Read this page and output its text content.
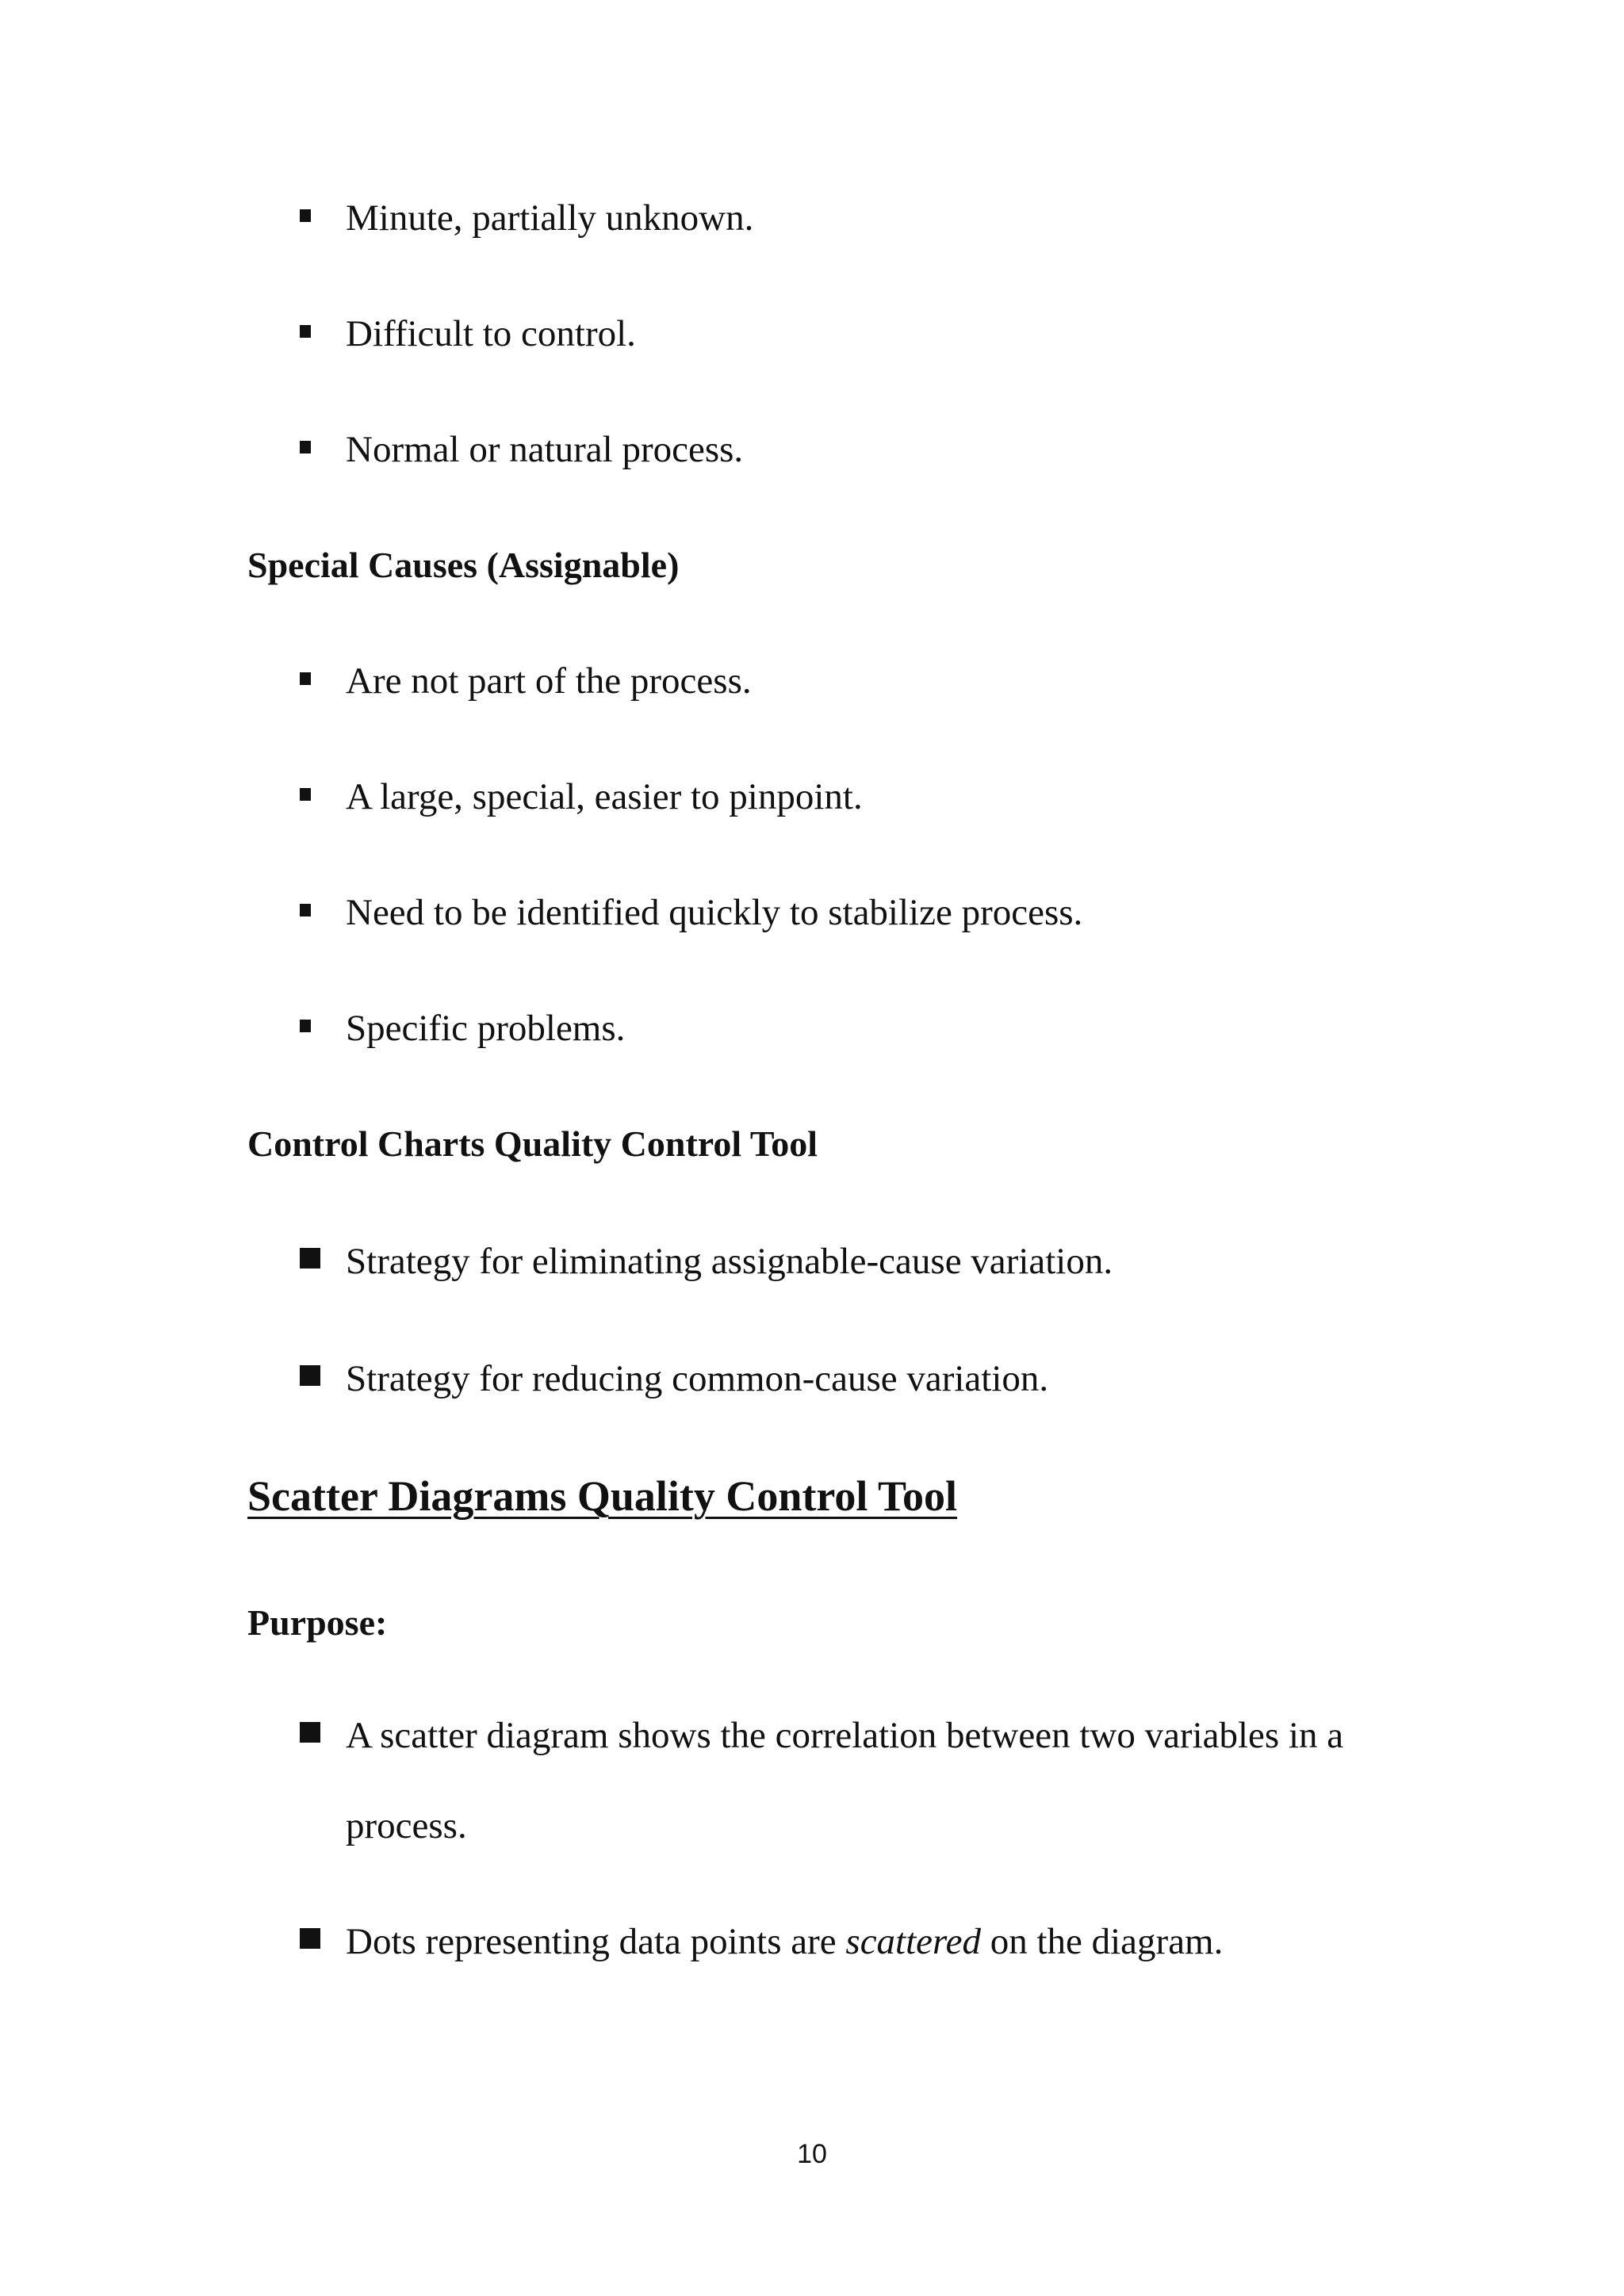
Minute, partially unknown.
Difficult to control.
Normal or natural process.
Special Causes (Assignable)
Are not part of the process.
A large, special, easier to pinpoint.
Need to be identified quickly to stabilize process.
Specific problems.
Control Charts Quality Control Tool
Strategy for eliminating assignable-cause variation.
Strategy for reducing common-cause variation.
Scatter Diagrams Quality Control Tool
Purpose:
A scatter diagram shows the correlation between two variables in a
process.
Dots representing data points are scattered on the diagram.
10
